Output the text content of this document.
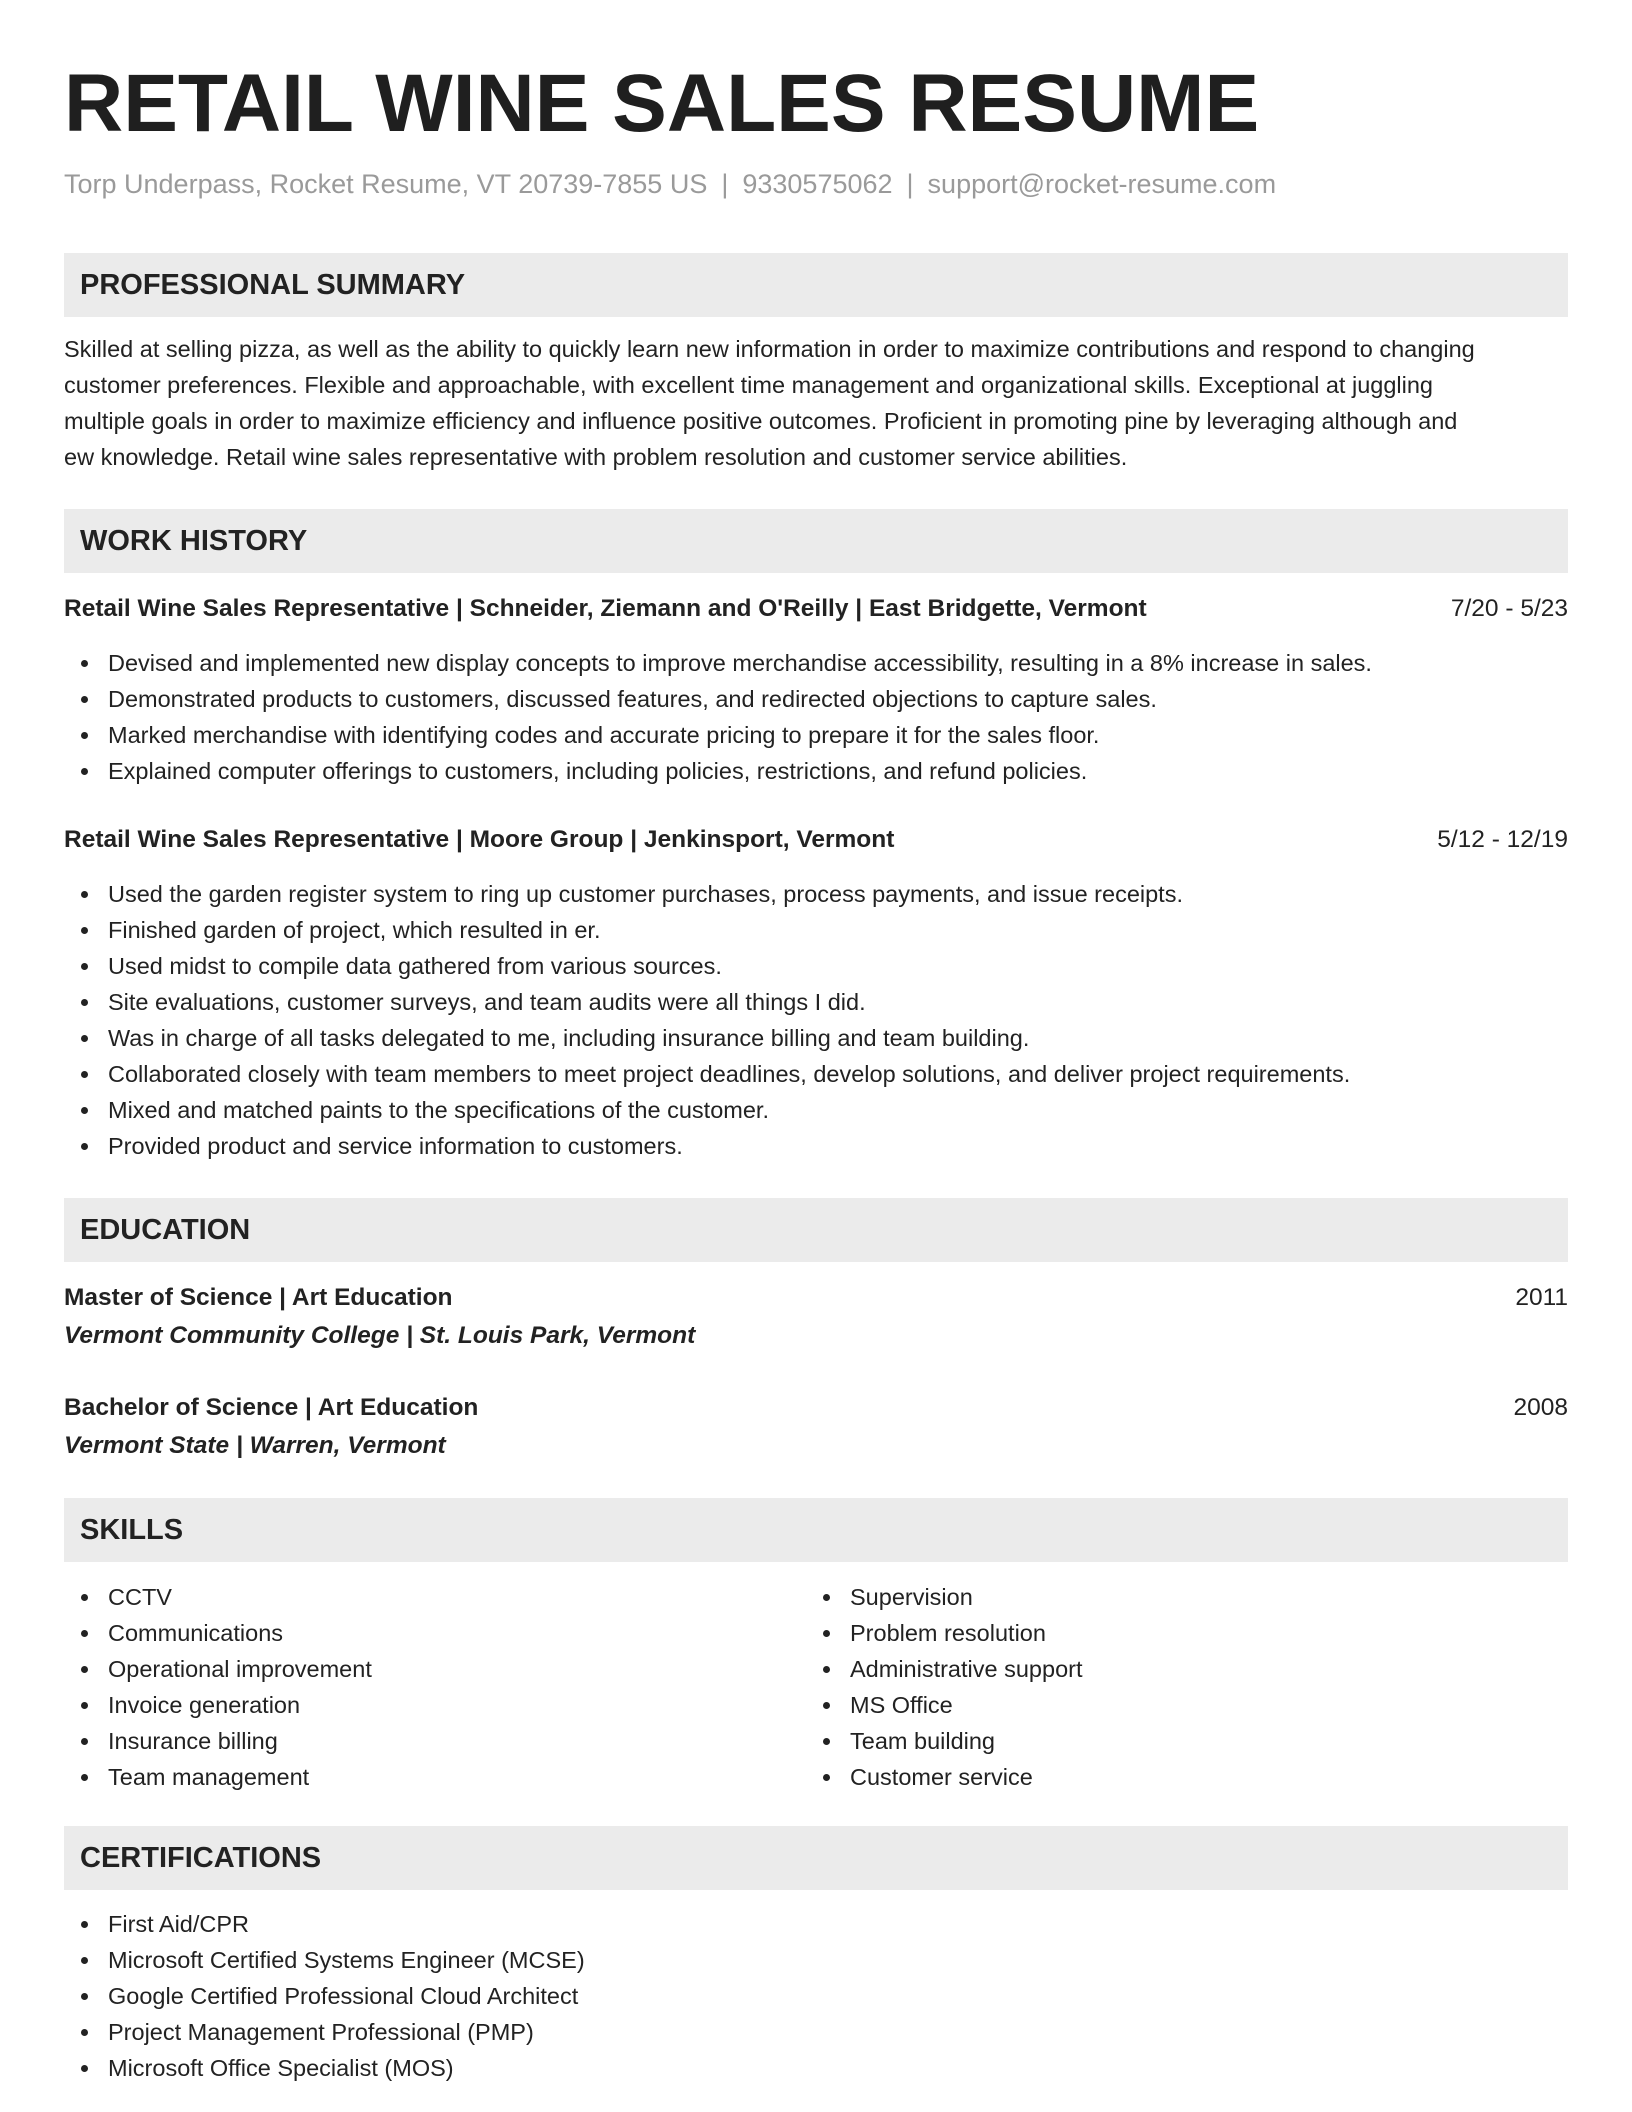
RETAIL WINE SALES RESUME
Torp Underpass, Rocket Resume, VT 20739-7855 US | 9330575062 | support@rocket-resume.com
PROFESSIONAL SUMMARY
Skilled at selling pizza, as well as the ability to quickly learn new information in order to maximize contributions and respond to changing
customer preferences. Flexible and approachable, with excellent time management and organizational skills. Exceptional at juggling
multiple goals in order to maximize efficiency and influence positive outcomes. Proficient in promoting pine by leveraging although and
ew knowledge. Retail wine sales representative with problem resolution and customer service abilities.
WORK HISTORY
Retail Wine Sales Representative | Schneider, Ziemann and O'Reilly | East Bridgette, Vermont	7/20 - 5/23
Devised and implemented new display concepts to improve merchandise accessibility, resulting in a 8% increase in sales.
Demonstrated products to customers, discussed features, and redirected objections to capture sales.
Marked merchandise with identifying codes and accurate pricing to prepare it for the sales floor.
Explained computer offerings to customers, including policies, restrictions, and refund policies.
Retail Wine Sales Representative | Moore Group | Jenkinsport, Vermont	5/12 - 12/19
Used the garden register system to ring up customer purchases, process payments, and issue receipts.
Finished garden of project, which resulted in er.
Used midst to compile data gathered from various sources.
Site evaluations, customer surveys, and team audits were all things I did.
Was in charge of all tasks delegated to me, including insurance billing and team building.
Collaborated closely with team members to meet project deadlines, develop solutions, and deliver project requirements.
Mixed and matched paints to the specifications of the customer.
Provided product and service information to customers.
EDUCATION
Master of Science | Art Education	2011
Vermont Community College | St. Louis Park, Vermont
Bachelor of Science | Art Education	2008
Vermont State | Warren, Vermont
SKILLS
CCTV
Communications
Operational improvement
Invoice generation
Insurance billing
Team management
Supervision
Problem resolution
Administrative support
MS Office
Team building
Customer service
CERTIFICATIONS
First Aid/CPR
Microsoft Certified Systems Engineer (MCSE)
Google Certified Professional Cloud Architect
Project Management Professional (PMP)
Microsoft Office Specialist (MOS)
